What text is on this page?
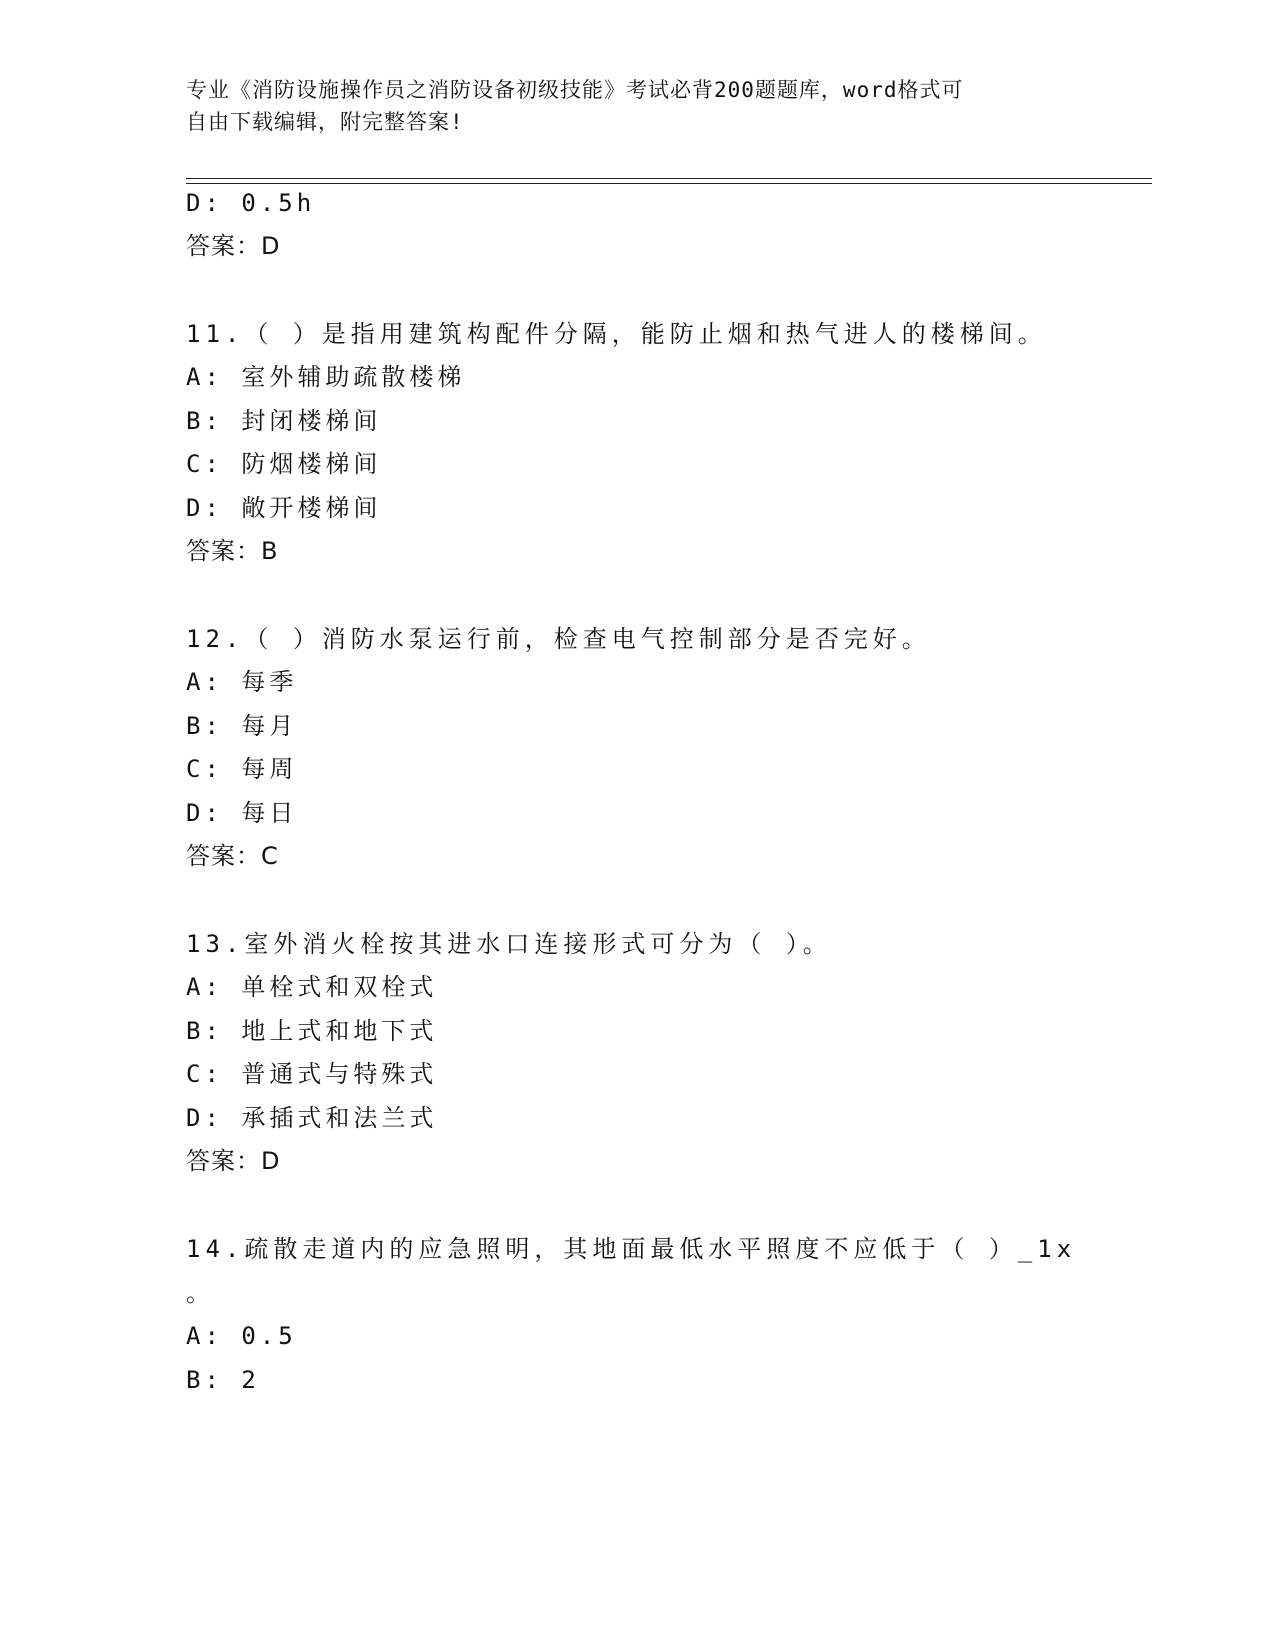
专业《消防设施操作员之消防设备初级技能》考试必背200题题库，word格式可
自由下载编辑，附完整答案!
D: 0.5h
答案：D
11.（ ）是指用建筑构配件分隔，能防止烟和热气进人的楼梯间。
A: 室外辅助疏散楼梯
B: 封闭楼梯间
C: 防烟楼梯间
D: 敞开楼梯间
答案：B
12.（ ）消防水泵运行前，检查电气控制部分是否完好。
A: 每季
B: 每月
C: 每周
D: 每日
答案：C
13.室外消火栓按其进水口连接形式可分为（ ）。
A: 单栓式和双栓式
B: 地上式和地下式
C: 普通式与特殊式
D: 承插式和法兰式
答案：D
14.疏散走道内的应急照明，其地面最低水平照度不应低于（ ）_1x
。
A: 0.5
B: 2
